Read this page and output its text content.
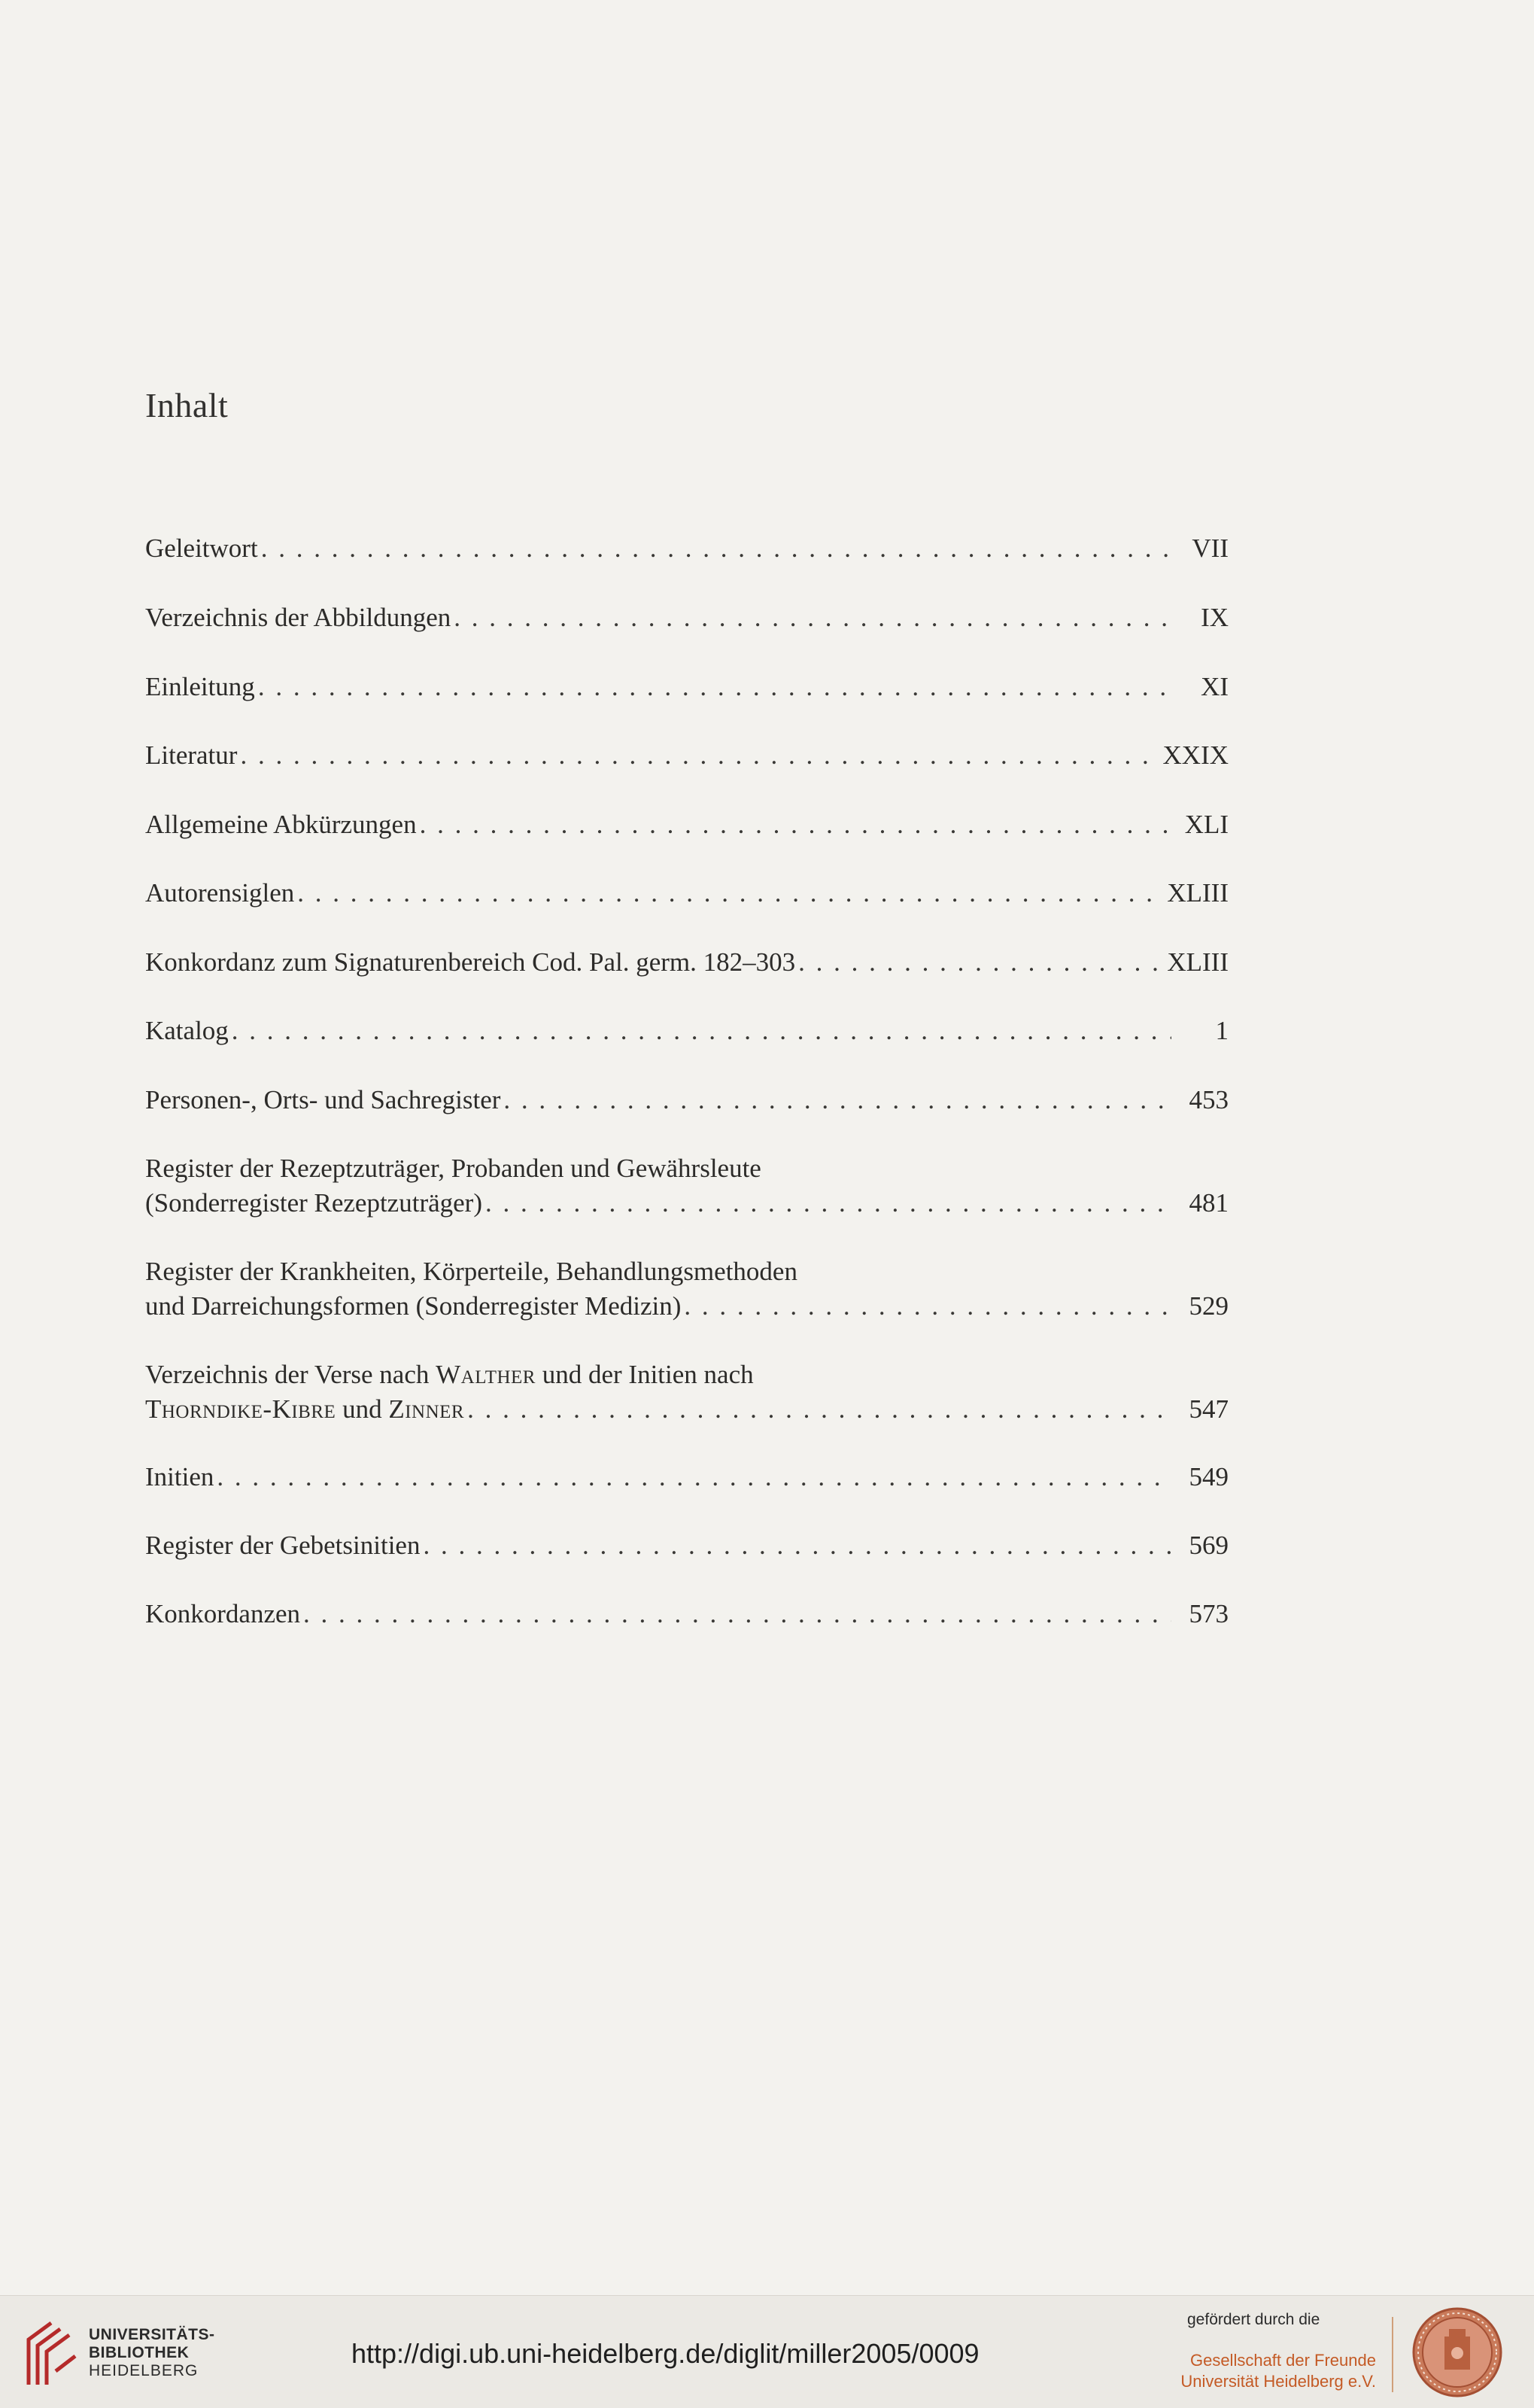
Inhalt
Geleitwort . . .	VII
Verzeichnis der Abbildungen . . .	IX
Einleitung . . .	XI
Literatur . . .	XXIX
Allgemeine Abkürzungen . . .	XLI
Autorensiglen . . .	XLIII
Konkordanz zum Signaturenbereich Cod. Pal. germ. 182–303 . . .	XLIII
Katalog . . .	1
Personen-, Orts- und Sachregister . . .	453
Register der Rezeptzuträger, Probanden und Gewährsleute
(Sonderregister Rezeptzuträger) . . .	481
Register der Krankheiten, Körperteile, Behandlungsmethoden
und Darreichungsformen (Sonderregister Medizin) . . .	529
Verzeichnis der Verse nach Walther und der Initien nach
Thorndike-Kibre und Zinner . . .	547
Initien . . .	549
Register der Gebetsinitien . . .	569
Konkordanzen . . .	573
UNIVERSITÄTS-
BIBLIOTHEK
HEIDELBERG
http://digi.ub.uni-heidelberg.de/diglit/miller2005/0009
gefördert durch die
Gesellschaft der Freunde
Universität Heidelberg e.V.
